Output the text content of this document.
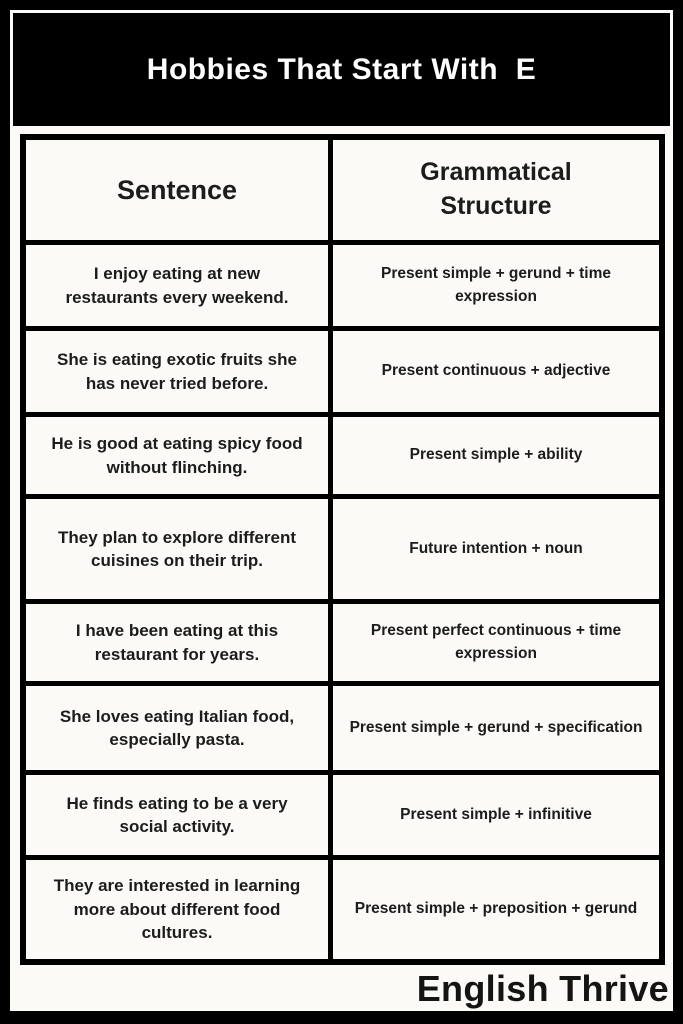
Hobbies That Start With  E
Sentence
Grammatical Structure
I enjoy eating at new restaurants every weekend.
Present simple + gerund + time expression
She is eating exotic fruits she has never tried before.
Present continuous + adjective
He is good at eating spicy food without flinching.
Present simple + ability
They plan to explore different cuisines on their trip.
Future intention + noun
I have been eating at this restaurant for years.
Present perfect continuous + time expression
She loves eating Italian food, especially pasta.
Present simple + gerund + specification
He finds eating to be a very social activity.
Present simple + infinitive
They are interested in learning more about different food cultures.
Present simple + preposition + gerund
English Thrive
